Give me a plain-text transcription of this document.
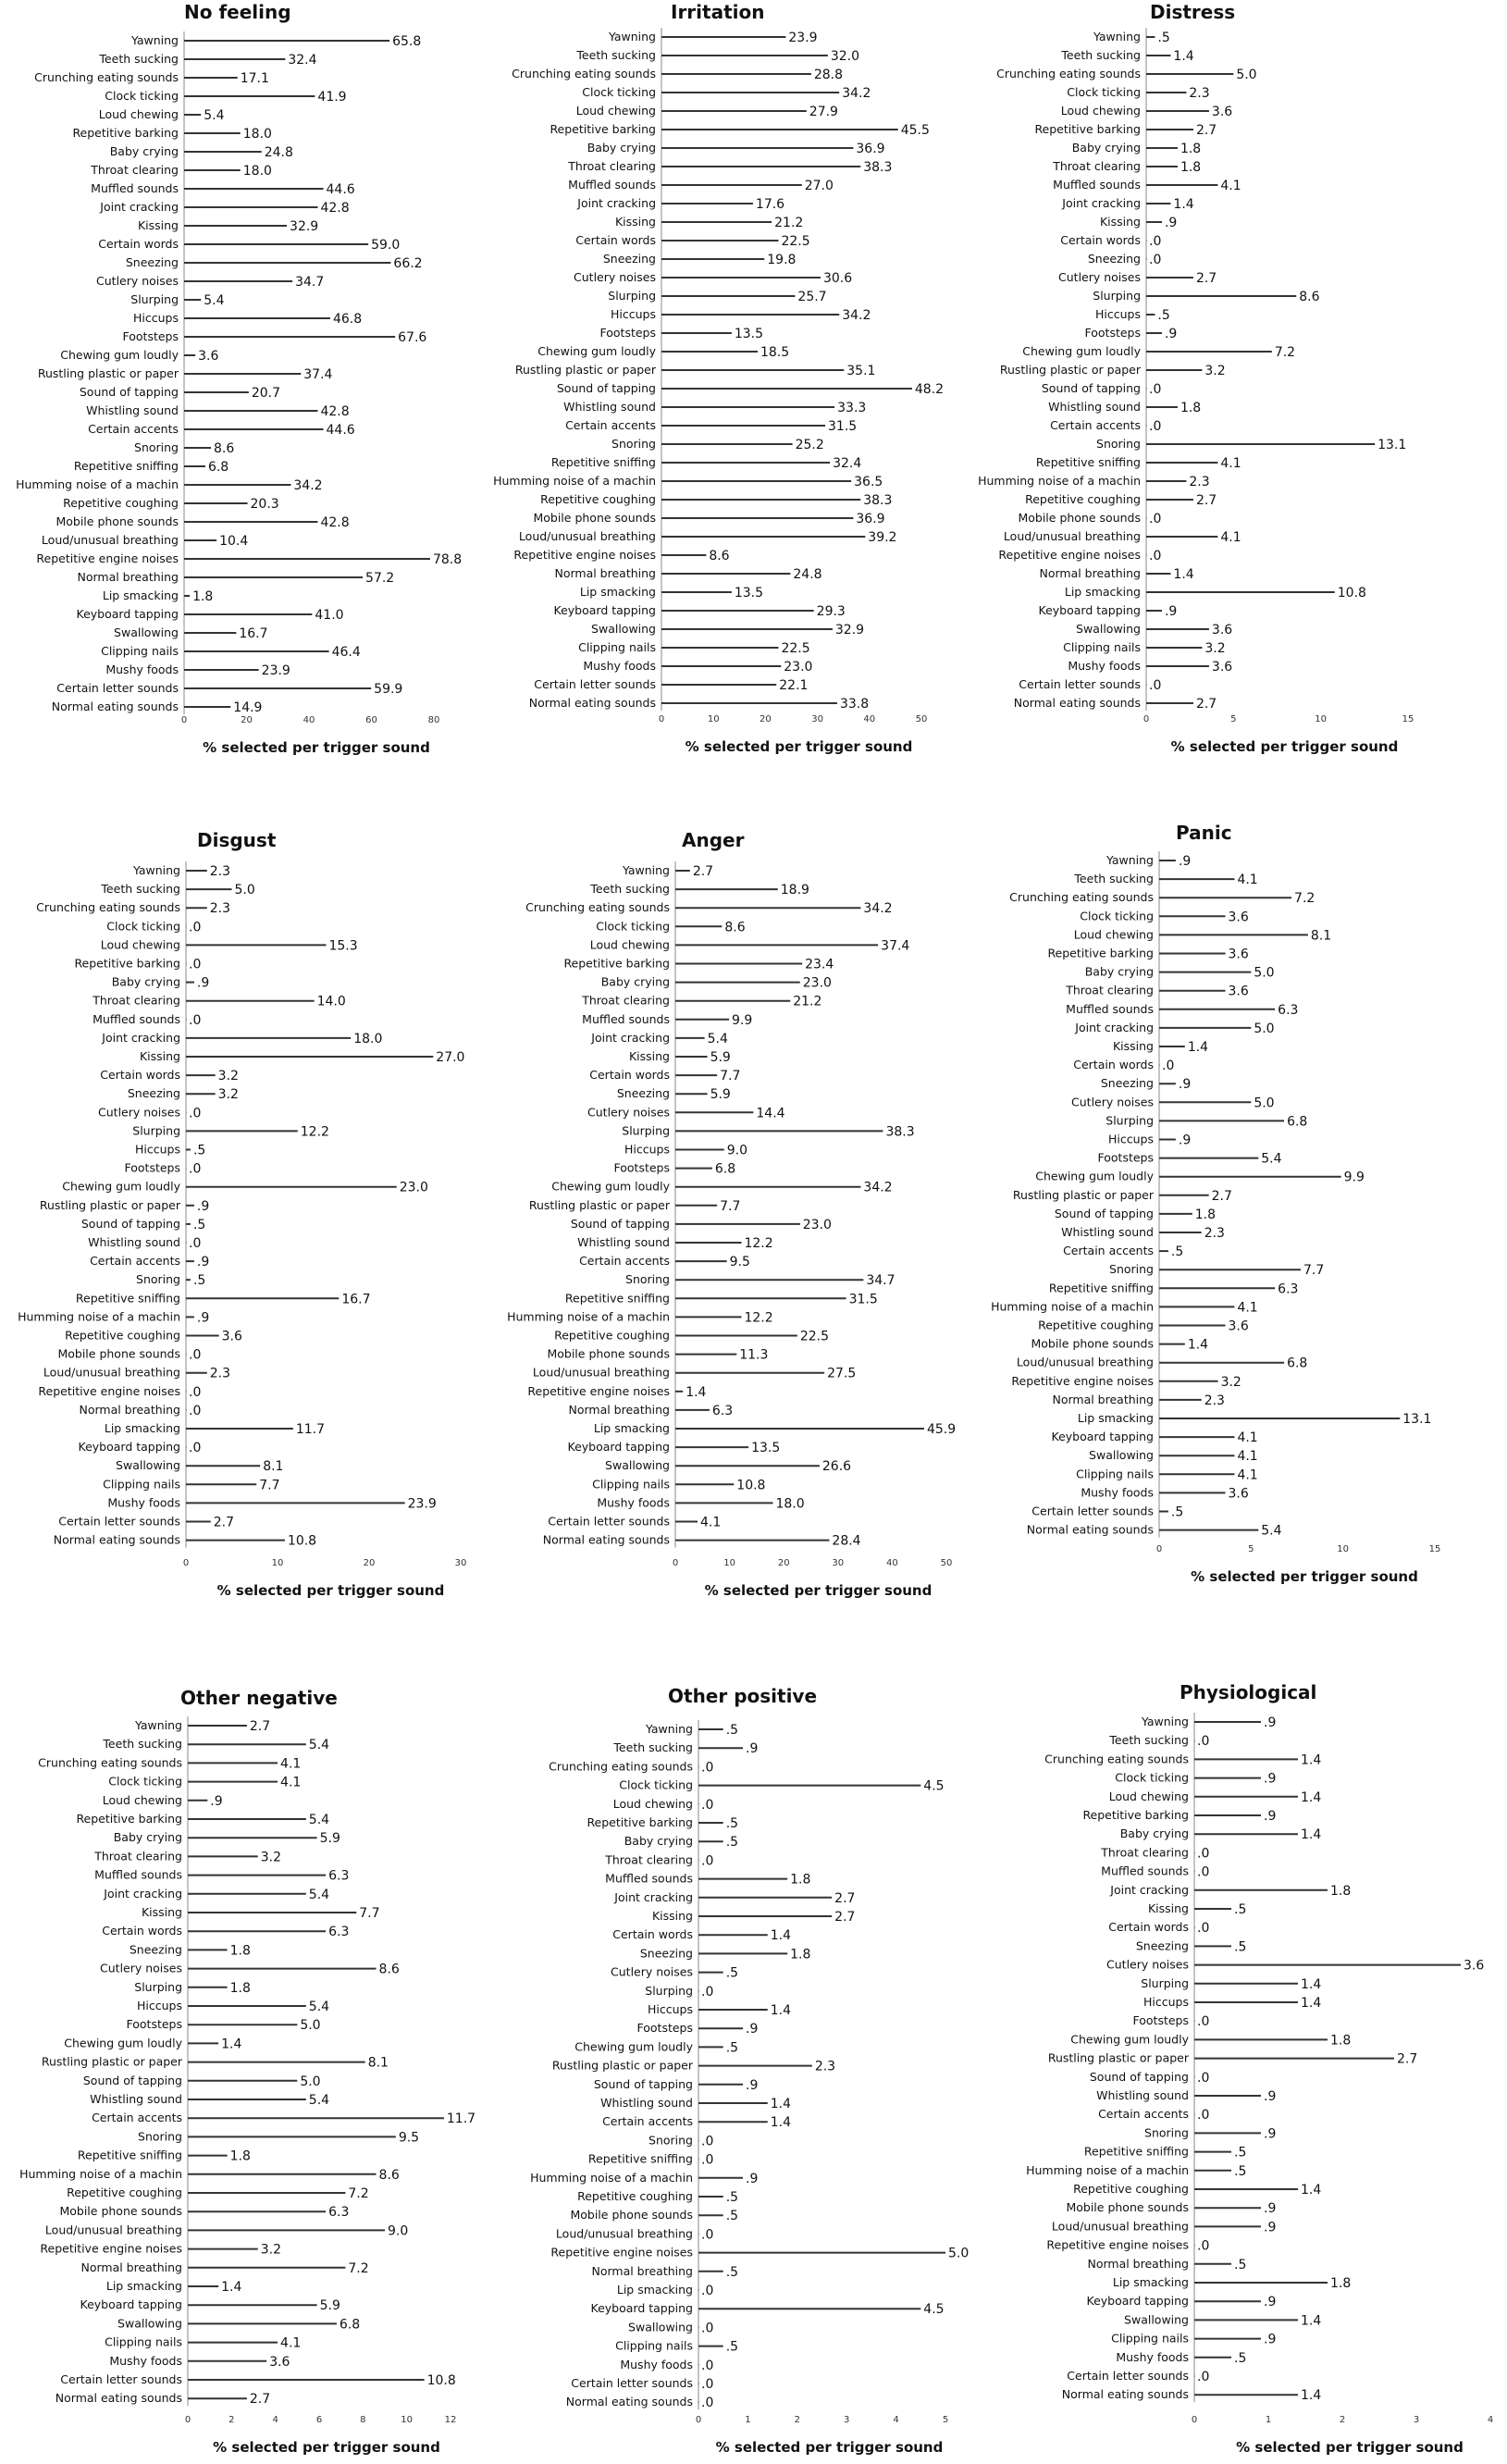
No feeling
Yawning	65.8
Teeth sucking	32.4
Crunching eating sounds	17.1
Clock ticking	41.9
Loud chewing 5.4
Repetitive barking	18.0
Baby crying	24.8
Throat clearing	18.0
Muffled sounds	44.6
Joint cracking	42.8
Kissing	32.9
Certain words	59.0
Sneezing	66.2
Cutlery noises	34.7
Slurping 5.4
Hiccups	46.8
Footsteps	67.6
Chewing gum loudly 3.6
Rustling plastic or paper	37.4
Sound of tapping	20.7
Whistling sound	42.8
Certain accents	44.6
Snoring	8.6
Repetitive sniffing 6.8
Humming noise of a machin	34.2
Repetitive coughing	20.3
Mobile phone sounds	42.8
Loud/unusual breathing	10.4
Repetitive engine noises	78.8
Normal breathing	57.2
Lip smacking 1.8
Keyboard tapping	41.0
Swallowing	16.7
Clipping nails	46.4
Mushy foods	23.9
Certain letter sounds	59.9
Normal eating sounds	14.9
0	20	40	60	80
% selected per trigger sound
Irritation
Yawning	23.9
Teeth sucking	32.0
Crunching eating sounds	28.8
Clock ticking	34.2
Loud chewing	27.9
Repetitive barking	45.5
Baby crying	36.9
Throat clearing	38.3
Muffled sounds	27.0
Joint cracking	17.6
Kissing	21.2
Certain words	22.5
Sneezing	19.8
Cutlery noises	30.6
Slurping	25.7
Hiccups	34.2
Footsteps	13.5
Chewing gum loudly	18.5
Rustling plastic or paper	35.1
Sound of tapping	48.2
Whistling sound	33.3
Certain accents	31.5
Snoring	25.2
Repetitive sniffing	32.4
Humming noise of a machin	36.5
Repetitive coughing	38.3
Mobile phone sounds	36.9
Loud/unusual breathing	39.2
Repetitive engine noises	8.6
Normal breathing	24.8
Lip smacking	13.5
Keyboard tapping	29.3
Swallowing	32.9
Clipping nails	22.5
Mushy foods	23.0
Certain letter sounds	22.1
Normal eating sounds	33.8
0	10	20	30	40	50
% selected per trigger sound
Distress
Yawning .5
Teeth sucking	1.4
Crunching eating sounds	5.0
Clock ticking	2.3
Loud chewing	3.6
Repetitive barking	2.7
Baby crying	1.8
Throat clearing	1.8
Muffled sounds	4.1
Joint cracking	1.4
Kissing .9
Certain words .0
Sneezing .0
Cutlery noises	2.7
Slurping	8.6
Hiccups .5
Footsteps .9
Chewing gum loudly	7.2
Rustling plastic or paper	3.2
Sound of tapping .0
Whistling sound	1.8
Certain accents .0
Snoring	13.1
Repetitive sniffing	4.1
Humming noise of a machin	2.3
Repetitive coughing	2.7
Mobile phone sounds .0
Loud/unusual breathing	4.1
Repetitive engine noises .0
Normal breathing	1.4
Lip smacking	10.8
Keyboard tapping .9
Swallowing	3.6
Clipping nails	3.2
Mushy foods	3.6
Certain letter sounds .0
Normal eating sounds	2.7
0	5	10	15
% selected per trigger sound
Disgust
Yawning 2.3
Teeth sucking	5.0
Crunching eating sounds 2.3
Clock ticking .0
Loud chewing	15.3
Repetitive barking .0
Baby crying .9
Throat clearing	14.0
Muffled sounds .0
Joint cracking	18.0
Kissing	27.0
Certain words	3.2
Sneezing	3.2
Cutlery noises .0
Slurping	12.2
Hiccups .5
Footsteps .0
Chewing gum loudly	23.0
Rustling plastic or paper .9
Sound of tapping .5
Whistling sound .0
Certain accents .9
Snoring .5
Repetitive sniffing	16.7
Humming noise of a machin .9
Repetitive coughing	3.6
Mobile phone sounds .0
Loud/unusual breathing 2.3
Repetitive engine noises .0
Normal breathing .0
Lip smacking	11.7
Keyboard tapping .0
Swallowing	8.1
Clipping nails	7.7
Mushy foods	23.9
Certain letter sounds	2.7
Normal eating sounds	10.8
0	10	20	30
% selected per trigger sound
Anger
Yawning 2.7
Teeth sucking	18.9
Crunching eating sounds	34.2
Clock ticking	8.6
Loud chewing	37.4
Repetitive barking	23.4
Baby crying	23.0
Throat clearing	21.2
Muffled sounds	9.9
Joint cracking	5.4
Kissing	5.9
Certain words	7.7
Sneezing	5.9
Cutlery noises	14.4
Slurping	38.3
Hiccups	9.0
Footsteps	6.8
Chewing gum loudly	34.2
Rustling plastic or paper	7.7
Sound of tapping	23.0
Whistling sound	12.2
Certain accents	9.5
Snoring	34.7
Repetitive sniffing	31.5
Humming noise of a machin	12.2
Repetitive coughing	22.5
Mobile phone sounds	11.3
Loud/unusual breathing	27.5
Repetitive engine noises 1.4
Normal breathing	6.3
Lip smacking	45.9
Keyboard tapping	13.5
Swallowing	26.6
Clipping nails	10.8
Mushy foods	18.0
Certain letter sounds 4.1
Normal eating sounds	28.4
0	10	20	30	40	50
% selected per trigger sound
Panic
Yawning .9
Teeth sucking	4.1
Crunching eating sounds	7.2
Clock ticking	3.6
Loud chewing	8.1
Repetitive barking	3.6
Baby crying	5.0
Throat clearing	3.6
Muffled sounds	6.3
Joint cracking	5.0
Kissing	1.4
Certain words .0
Sneezing .9
Cutlery noises	5.0
Slurping	6.8
Hiccups .9
Footsteps	5.4
Chewing gum loudly	9.9
Rustling plastic or paper	2.7
Sound of tapping	1.8
Whistling sound	2.3
Certain accents .5
Snoring	7.7
Repetitive sniffing	6.3
Humming noise of a machin	4.1
Repetitive coughing	3.6
Mobile phone sounds	1.4
Loud/unusual breathing	6.8
Repetitive engine noises	3.2
Normal breathing	2.3
Lip smacking	13.1
Keyboard tapping	4.1
Swallowing	4.1
Clipping nails	4.1
Mushy foods	3.6
Certain letter sounds .5
Normal eating sounds	5.4
0	5	10	15
% selected per trigger sound
Other negative
Yawning	2.7
Teeth sucking	5.4
Crunching eating sounds	4.1
Clock ticking	4.1
Loud chewing .9
Repetitive barking	5.4
Baby crying	5.9
Throat clearing	3.2
Muffled sounds	6.3
Joint cracking	5.4
Kissing	7.7
Certain words	6.3
Sneezing	1.8
Cutlery noises	8.6
Slurping	1.8
Hiccups	5.4
Footsteps	5.0
Chewing gum loudly	1.4
Rustling plastic or paper	8.1
Sound of tapping	5.0
Whistling sound	5.4
Certain accents	11.7
Snoring	9.5
Repetitive sniffing	1.8
Humming noise of a machin	8.6
Repetitive coughing	7.2
Mobile phone sounds	6.3
Loud/unusual breathing	9.0
Repetitive engine noises	3.2
Normal breathing	7.2
Lip smacking	1.4
Keyboard tapping	5.9
Swallowing	6.8
Clipping nails	4.1
Mushy foods	3.6
Certain letter sounds	10.8
Normal eating sounds	2.7
0	2	4	6	8	10	12
% selected per trigger sound
Other positive
Yawning	.5
Teeth sucking	.9
Crunching eating sounds .0
Clock ticking	4.5
Loud chewing .0
Repetitive barking	.5
Baby crying	.5
Throat clearing .0
Muffled sounds	1.8
Joint cracking	2.7
Kissing	2.7
Certain words	1.4
Sneezing	1.8
Cutlery noises	.5
Slurping .0
Hiccups	1.4
Footsteps	.9
Chewing gum loudly	.5
Rustling plastic or paper	2.3
Sound of tapping	.9
Whistling sound	1.4
Certain accents	1.4
Snoring .0
Repetitive sniffing .0
Humming noise of a machin	.9
Repetitive coughing	.5
Mobile phone sounds	.5
Loud/unusual breathing .0
Repetitive engine noises	5.0
Normal breathing	.5
Lip smacking .0
Keyboard tapping	4.5
Swallowing .0
Clipping nails	.5
Mushy foods .0
Certain letter sounds .0
Normal eating sounds .0
0	1	2	3	4	5
% selected per trigger sound
Physiological
Yawning	.9
Teeth sucking .0
Crunching eating sounds	1.4
Clock ticking	.9
Loud chewing	1.4
Repetitive barking	.9
Baby crying	1.4
Throat clearing .0
Muffled sounds .0
Joint cracking	1.8
Kissing	.5
Certain words .0
Sneezing	.5
Cutlery noises	3.6
Slurping	1.4
Hiccups	1.4
Footsteps .0
Chewing gum loudly	1.8
Rustling plastic or paper	2.7
Sound of tapping .0
Whistling sound	.9
Certain accents .0
Snoring	.9
Repetitive sniffing	.5
Humming noise of a machin	.5
Repetitive coughing	1.4
Mobile phone sounds	.9
Loud/unusual breathing	.9
Repetitive engine noises .0
Normal breathing	.5
Lip smacking	1.8
Keyboard tapping	.9
Swallowing	1.4
Clipping nails	.9
Mushy foods	.5
Certain letter sounds .0
Normal eating sounds	1.4
0	1	2	3	4
% selected per trigger sound
